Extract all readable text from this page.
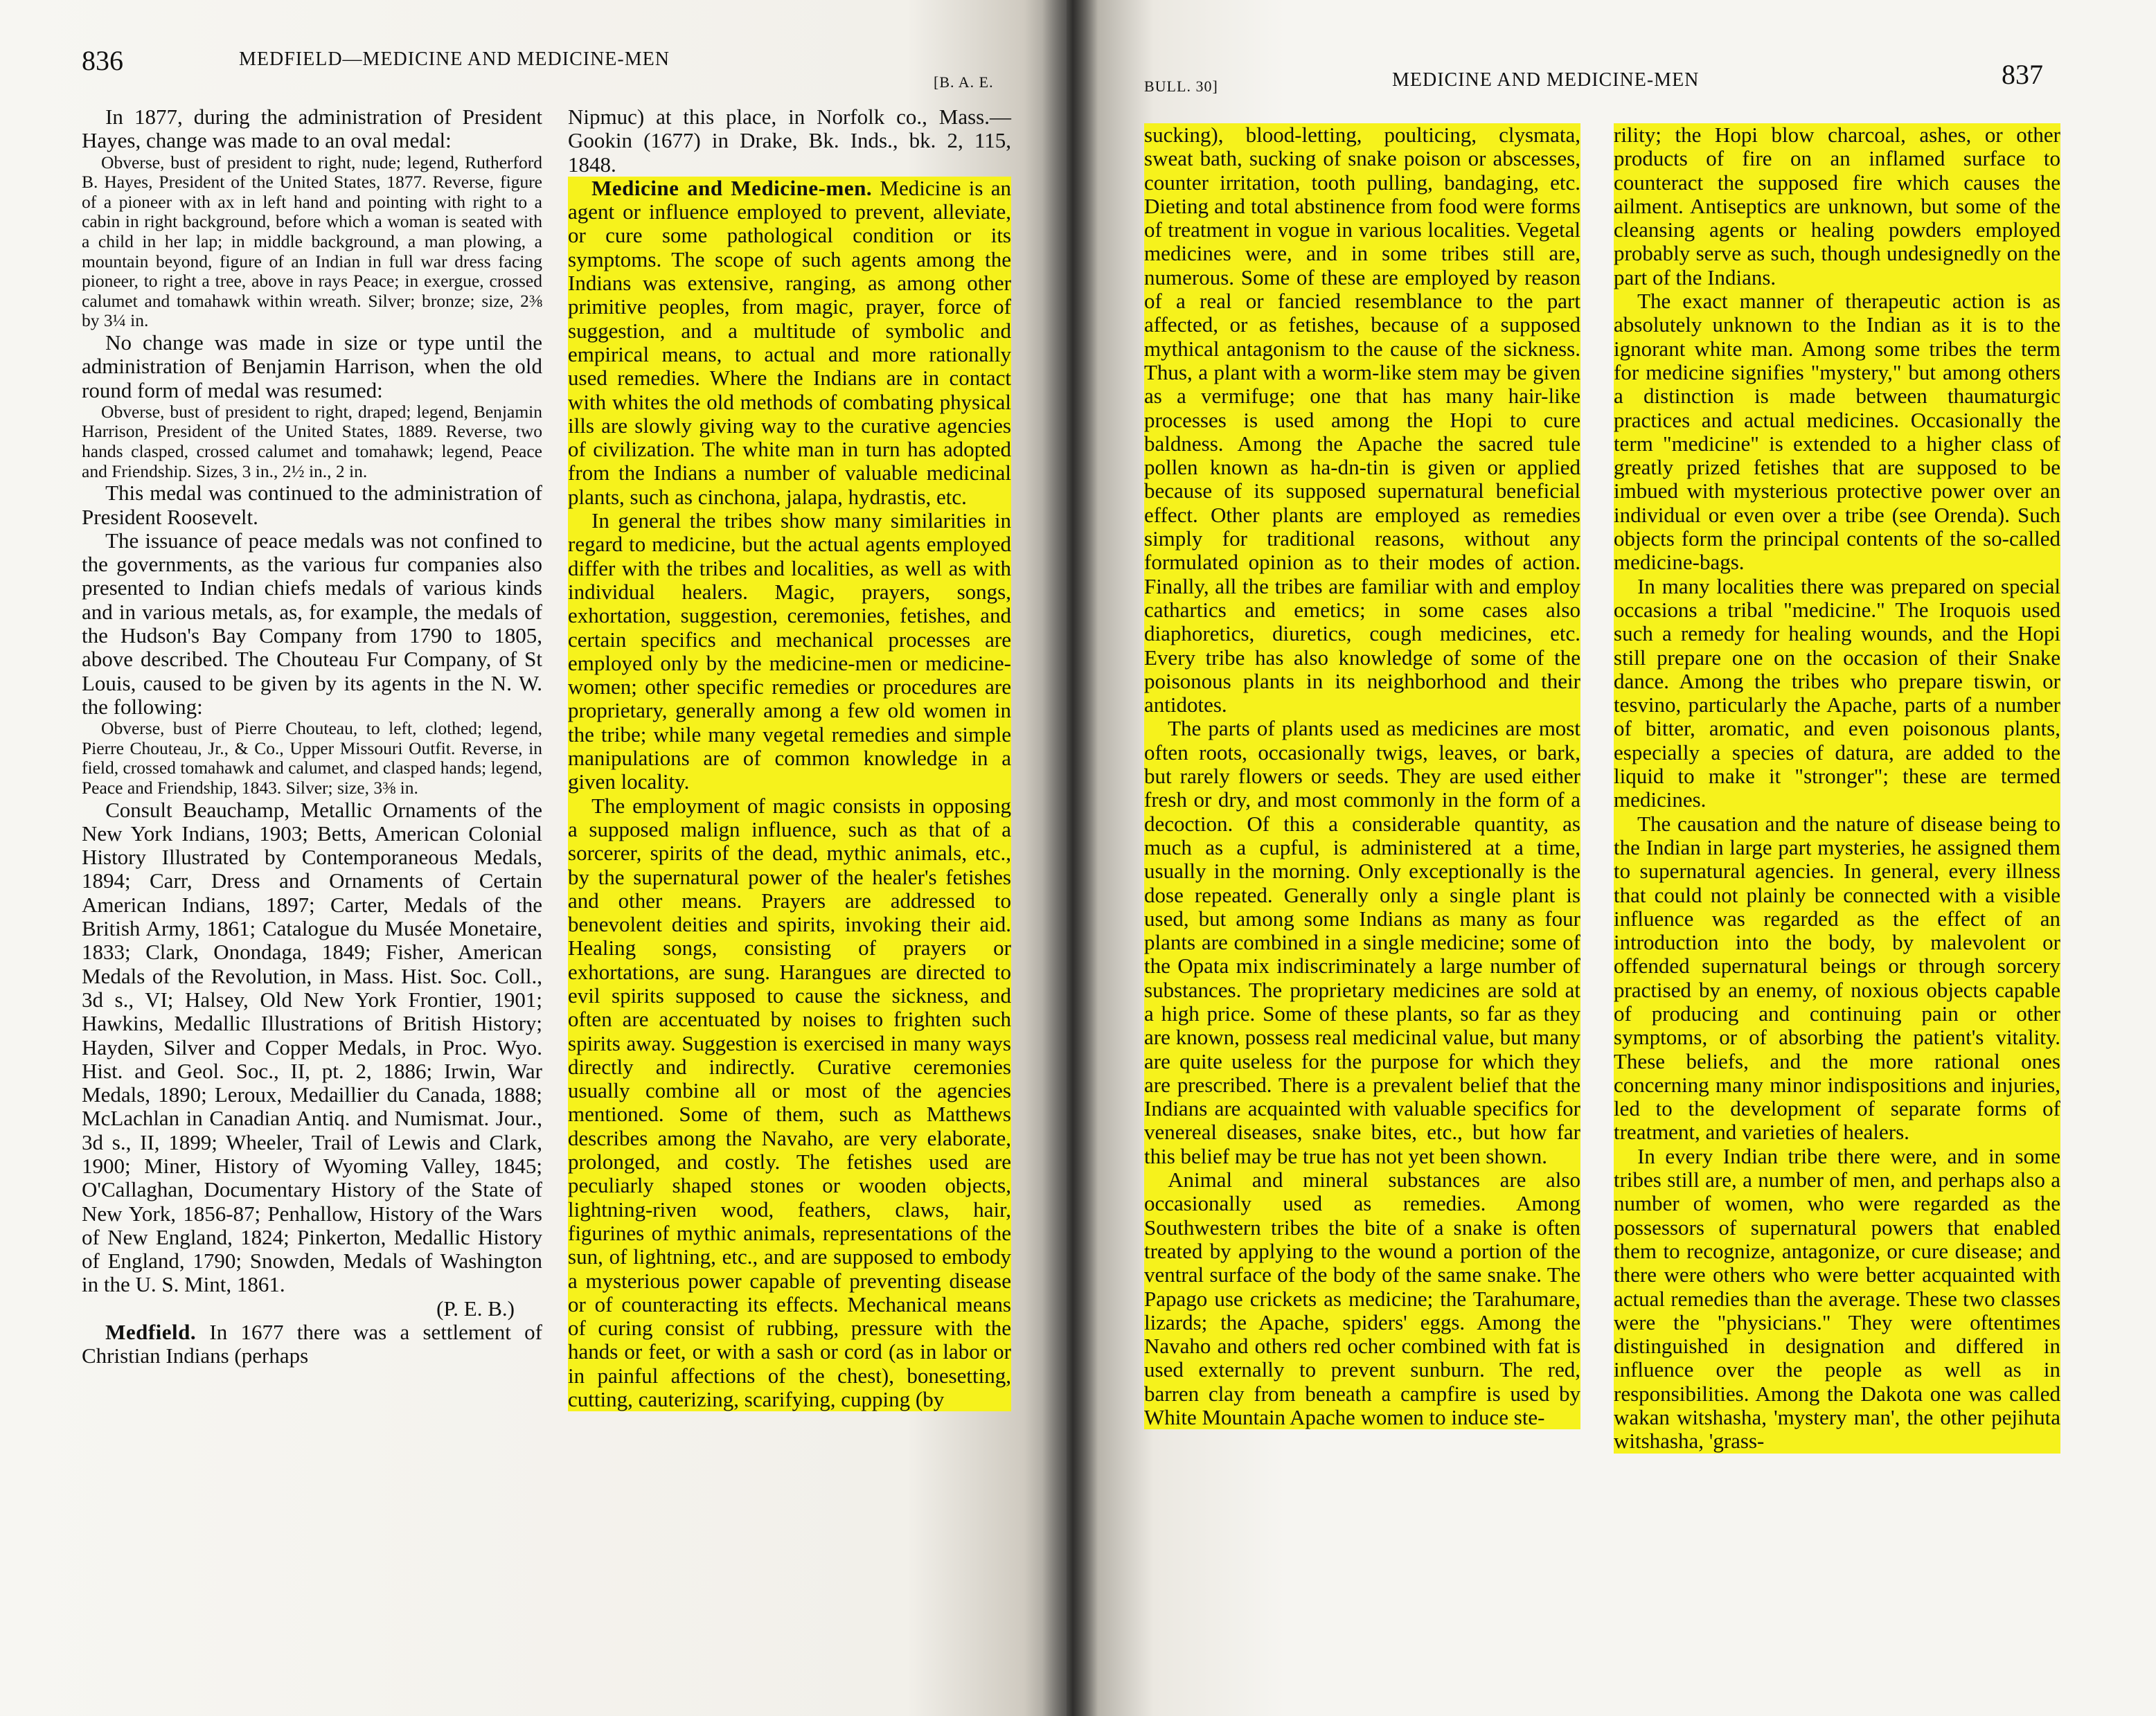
836	MEDFIELD—MEDICINE AND MEDICINE-MEN
[B. A. E.

In 1877, during the administration of President Hayes, change was made to an oval medal:

Obverse, bust of president to right, nude; legend, Rutherford B. Hayes, President of the United States, 1877. Reverse, figure of a pioneer with ax in left hand and pointing with right to a cabin in right background, before which a woman is seated with a child in her lap; in middle background, a man plowing, a mountain beyond, figure of an Indian in full war dress facing pioneer, to right a tree, above in rays Peace; in exergue, crossed calumet and tomahawk within wreath. Silver; bronze; size, 2⅜ by 3¼ in.

No change was made in size or type until the administration of Benjamin Harrison, when the old round form of medal was resumed:

Obverse, bust of president to right, draped; legend, Benjamin Harrison, President of the United States, 1889. Reverse, two hands clasped, crossed calumet and tomahawk; legend, Peace and Friendship. Sizes, 3 in., 2½ in., 2 in.

This medal was continued to the administration of President Roosevelt.

The issuance of peace medals was not confined to the governments, as the various fur companies also presented to Indian chiefs medals of various kinds and in various metals, as, for example, the medals of the Hudson's Bay Company from 1790 to 1805, above described. The Chouteau Fur Company, of St Louis, caused to be given by its agents in the N. W. the following:

Obverse, bust of Pierre Chouteau, to left, clothed; legend, Pierre Chouteau, Jr., & Co., Upper Missouri Outfit. Reverse, in field, crossed tomahawk and calumet, and clasped hands; legend, Peace and Friendship, 1843. Silver; size, 3⅜ in.

Consult Beauchamp, Metallic Ornaments of the New York Indians, 1903; Betts, American Colonial History Illustrated by Contemporaneous Medals, 1894; Carr, Dress and Ornaments of Certain American Indians, 1897; Carter, Medals of the British Army, 1861; Catalogue du Musée Monetaire, 1833; Clark, Onondaga, 1849; Fisher, American Medals of the Revolution, in Mass. Hist. Soc. Coll., 3d s., VI; Halsey, Old New York Frontier, 1901; Hawkins, Medallic Illustrations of British History; Hayden, Silver and Copper Medals, in Proc. Wyo. Hist. and Geol. Soc., II, pt. 2, 1886; Irwin, War Medals, 1890; Leroux, Medaillier du Canada, 1888; McLachlan in Canadian Antiq. and Numismat. Jour., 3d s., II, 1899; Wheeler, Trail of Lewis and Clark, 1900; Miner, History of Wyoming Valley, 1845; O'Callaghan, Documentary History of the State of New York, 1856-87; Penhallow, History of the Wars of New England, 1824; Pinkerton, Medallic History of England, 1790; Snowden, Medals of Washington in the U. S. Mint, 1861.

(P. E. B.)

Medfield. In 1677 there was a settlement of Christian Indians (perhaps

Nipmuc) at this place, in Norfolk co., Mass.—Gookin (1677) in Drake, Bk. Inds., bk. 2, 115, 1848.

Medicine and Medicine-men. Medicine is an agent or influence employed to prevent, alleviate, or cure some pathological condition or its symptoms. The scope of such agents among the Indians was extensive, ranging, as among other primitive peoples, from magic, prayer, force of suggestion, and a multitude of symbolic and empirical means, to actual and more rationally used remedies. Where the Indians are in contact with whites the old methods of combating physical ills are slowly giving way to the curative agencies of civilization. The white man in turn has adopted from the Indians a number of valuable medicinal plants, such as cinchona, jalapa, hydrastis, etc.

In general the tribes show many similarities in regard to medicine, but the actual agents employed differ with the tribes and localities, as well as with individual healers. Magic, prayers, songs, exhortation, suggestion, ceremonies, fetishes, and certain specifics and mechanical processes are employed only by the medicine-men or medicine-women; other specific remedies or procedures are proprietary, generally among a few old women in the tribe; while many vegetal remedies and simple manipulations are of common knowledge in a given locality.

The employment of magic consists in opposing a supposed malign influence, such as that of a sorcerer, spirits of the dead, mythic animals, etc., by the supernatural power of the healer's fetishes and other means. Prayers are addressed to benevolent deities and spirits, invoking their aid. Healing songs, consisting of prayers or exhortations, are sung. Harangues are directed to evil spirits supposed to cause the sickness, and often are accentuated by noises to frighten such spirits away. Suggestion is exercised in many ways directly and indirectly. Curative ceremonies usually combine all or most of the agencies mentioned. Some of them, such as Matthews describes among the Navaho, are very elaborate, prolonged, and costly. The fetishes used are peculiarly shaped stones or wooden objects, lightning-riven wood, feathers, claws, hair, figurines of mythic animals, representations of the sun, of lightning, etc., and are supposed to embody a mysterious power capable of preventing disease or of counteracting its effects. Mechanical means of curing consist of rubbing, pressure with the hands or feet, or with a sash or cord (as in labor or in painful affections of the chest), bonesetting, cutting, cauterizing, scarifying, cupping (by

BULL. 30]	MEDICINE AND MEDICINE-MEN	837

sucking), blood-letting, poulticing, clysmata, sweat bath, sucking of snake poison or abscesses, counter irritation, tooth pulling, bandaging, etc. Dieting and total abstinence from food were forms of treatment in vogue in various localities. Vegetal medicines were, and in some tribes still are, numerous. Some of these are employed by reason of a real or fancied resemblance to the part affected, or as fetishes, because of a supposed mythical antagonism to the cause of the sickness. Thus, a plant with a worm-like stem may be given as a vermifuge; one that has many hair-like processes is used among the Hopi to cure baldness. Among the Apache the sacred tule pollen known as ha-dn-tin is given or applied because of its supposed supernatural beneficial effect. Other plants are employed as remedies simply for traditional reasons, without any formulated opinion as to their modes of action. Finally, all the tribes are familiar with and employ cathartics and emetics; in some cases also diaphoretics, diuretics, cough medicines, etc. Every tribe has also knowledge of some of the poisonous plants in its neighborhood and their antidotes.

The parts of plants used as medicines are most often roots, occasionally twigs, leaves, or bark, but rarely flowers or seeds. They are used either fresh or dry, and most commonly in the form of a decoction. Of this a considerable quantity, as much as a cupful, is administered at a time, usually in the morning. Only exceptionally is the dose repeated. Generally only a single plant is used, but among some Indians as many as four plants are combined in a single medicine; some of the Opata mix indiscriminately a large number of substances. The proprietary medicines are sold at a high price. Some of these plants, so far as they are known, possess real medicinal value, but many are quite useless for the purpose for which they are prescribed. There is a prevalent belief that the Indians are acquainted with valuable specifics for venereal diseases, snake bites, etc., but how far this belief may be true has not yet been shown.

Animal and mineral substances are also occasionally used as remedies. Among Southwestern tribes the bite of a snake is often treated by applying to the wound a portion of the ventral surface of the body of the same snake. The Papago use crickets as medicine; the Tarahumare, lizards; the Apache, spiders' eggs. Among the Navaho and others red ocher combined with fat is used externally to prevent sunburn. The red, barren clay from beneath a campfire is used by White Mountain Apache women to induce ste-

rility; the Hopi blow charcoal, ashes, or other products of fire on an inflamed surface to counteract the supposed fire which causes the ailment. Antiseptics are unknown, but some of the cleansing agents or healing powders employed probably serve as such, though undesignedly on the part of the Indians.

The exact manner of therapeutic action is as absolutely unknown to the Indian as it is to the ignorant white man. Among some tribes the term for medicine signifies "mystery," but among others a distinction is made between thaumaturgic practices and actual medicines. Occasionally the term "medicine" is extended to a higher class of greatly prized fetishes that are supposed to be imbued with mysterious protective power over an individual or even over a tribe (see Orenda). Such objects form the principal contents of the so-called medicine-bags.

In many localities there was prepared on special occasions a tribal "medicine." The Iroquois used such a remedy for healing wounds, and the Hopi still prepare one on the occasion of their Snake dance. Among the tribes who prepare tiswin, or tesvino, particularly the Apache, parts of a number of bitter, aromatic, and even poisonous plants, especially a species of datura, are added to the liquid to make it "stronger"; these are termed medicines.

The causation and the nature of disease being to the Indian in large part mysteries, he assigned them to supernatural agencies. In general, every illness that could not plainly be connected with a visible influence was regarded as the effect of an introduction into the body, by malevolent or offended supernatural beings or through sorcery practised by an enemy, of noxious objects capable of producing and continuing pain or other symptoms, or of absorbing the patient's vitality. These beliefs, and the more rational ones concerning many minor indispositions and injuries, led to the development of separate forms of treatment, and varieties of healers.

In every Indian tribe there were, and in some tribes still are, a number of men, and perhaps also a number of women, who were regarded as the possessors of supernatural powers that enabled them to recognize, antagonize, or cure disease; and there were others who were better acquainted with actual remedies than the average. These two classes were the "physicians." They were oftentimes distinguished in designation and differed in influence over the people as well as in responsibilities. Among the Dakota one was called wakan witshasha, 'mystery man', the other pejihuta witshasha, 'grass-
